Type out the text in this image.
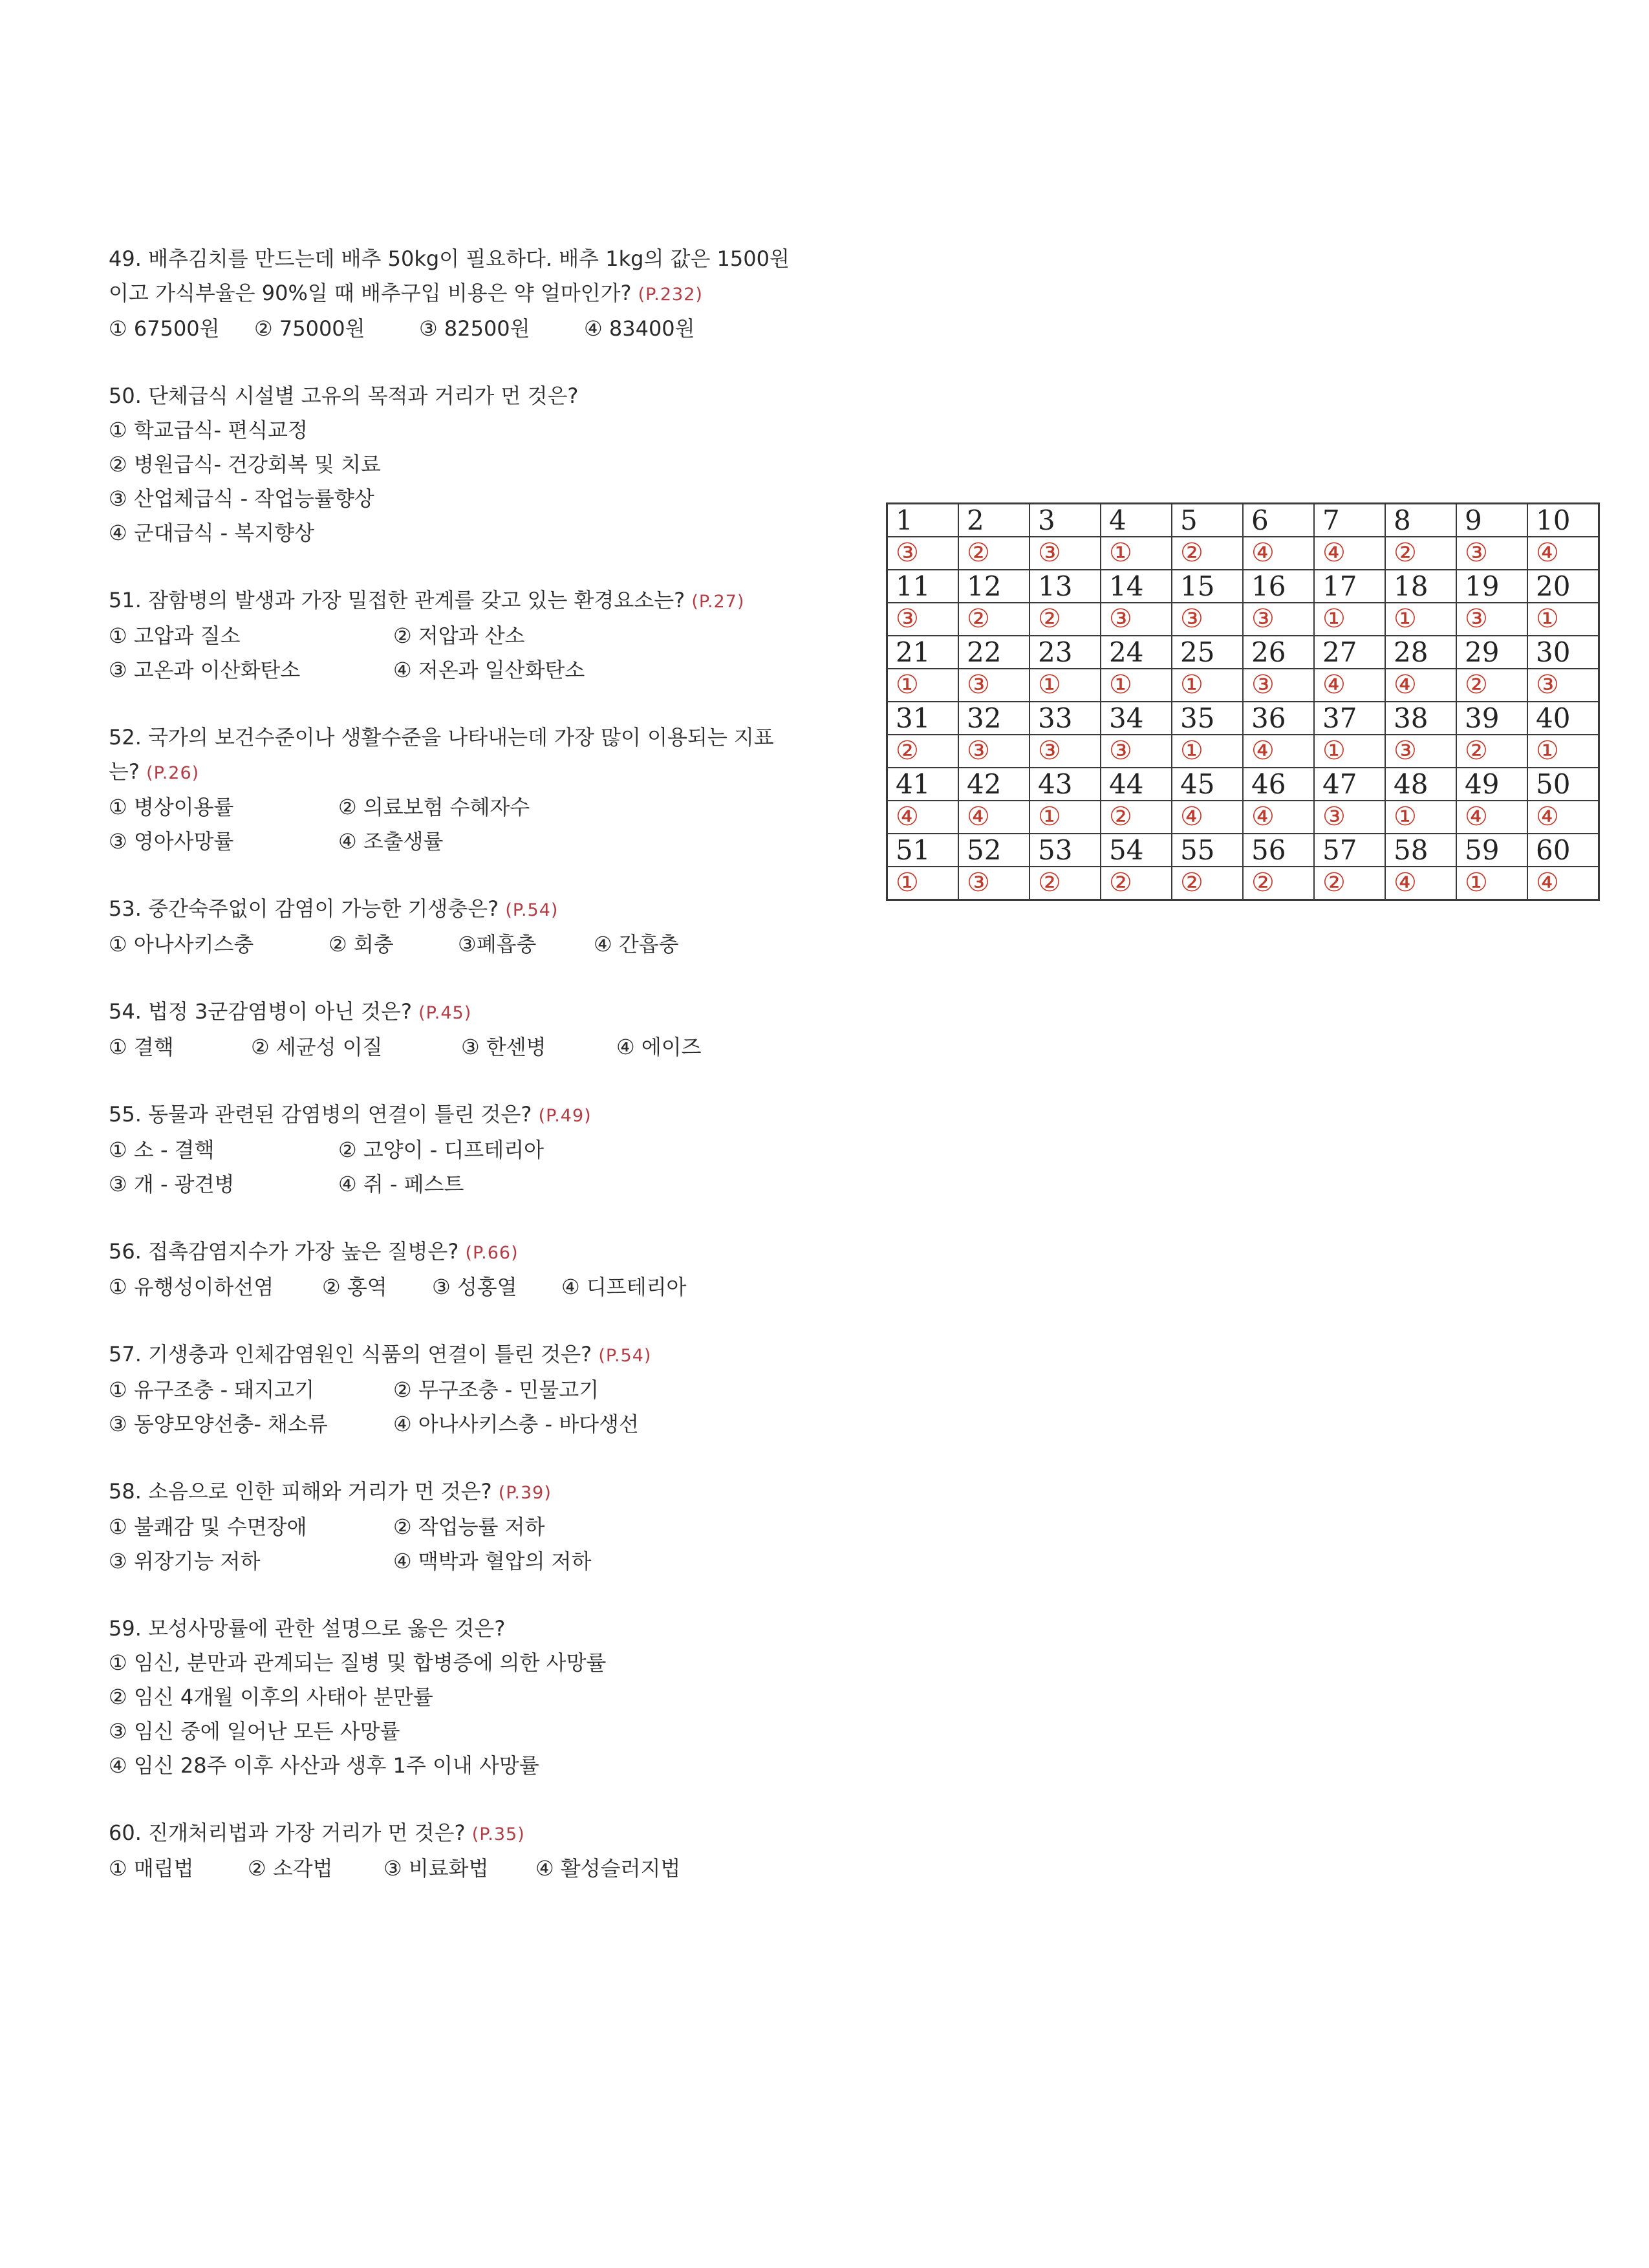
49. 배추김치를 만드는데 배추 50kg이 필요하다. 배추 1kg의 값은 1500원이고 가식부율은 90%일 때 배추구입 비용은 약 얼마인가? (P.232)
① 67500원	② 75000원	③ 82500원	④ 83400원
50. 단체급식 시설별 고유의 목적과 거리가 먼 것은?
① 학교급식- 편식교정
② 병원급식- 건강회복 및 치료
③ 산업체급식 - 작업능률향상
④ 군대급식 - 복지향상
51. 잠함병의 발생과 가장 밀접한 관계를 갖고 있는 환경요소는? (P.27)
① 고압과 질소	② 저압과 산소
③ 고온과 이산화탄소	④ 저온과 일산화탄소
52. 국가의 보건수준이나 생활수준을 나타내는데 가장 많이 이용되는 지표는? (P.26)
① 병상이용률	② 의료보험 수혜자수
③ 영아사망률	④ 조출생률
53. 중간숙주없이 감염이 가능한 기생충은? (P.54)
① 아나사키스충	② 회충	③폐흡충	④ 간흡충
54. 법정 3군감염병이 아닌 것은? (P.45)
① 결핵	② 세균성 이질	③ 한센병	④ 에이즈
55. 동물과 관련된 감염병의 연결이 틀린 것은? (P.49)
① 소 - 결핵	② 고양이 - 디프테리아
③ 개 - 광견병	④ 쥐 - 페스트
56. 접촉감염지수가 가장 높은 질병은? (P.66)
① 유행성이하선염	② 홍역	③ 성홍열	④ 디프테리아
57. 기생충과 인체감염원인 식품의 연결이 틀린 것은? (P.54)
① 유구조충 - 돼지고기	② 무구조충 - 민물고기
③ 동양모양선충- 채소류	④ 아나사키스충 - 바다생선
58. 소음으로 인한 피해와 거리가 먼 것은? (P.39)
① 불쾌감 및 수면장애	② 작업능률 저하
③ 위장기능 저하	④ 맥박과 혈압의 저하
59. 모성사망률에 관한 설명으로 옳은 것은?
① 임신, 분만과 관계되는 질병 및 합병증에 의한 사망률
② 임신 4개월 이후의 사태아 분만률
③ 임신 중에 일어난 모든 사망률
④ 임신 28주 이후 사산과 생후 1주 이내 사망률
60. 진개처리법과 가장 거리가 먼 것은? (P.35)
① 매립법	② 소각법	③ 비료화법	④ 활성슬러지법
1	2	3	4	5	6	7	8	9	10
③	②	③	①	②	④	④	②	③	④
11	12	13	14	15	16	17	18	19	20
③	②	②	③	③	③	①	①	③	①
21	22	23	24	25	26	27	28	29	30
①	③	①	①	①	③	④	④	②	③
31	32	33	34	35	36	37	38	39	40
②	③	③	③	①	④	①	③	②	①
41	42	43	44	45	46	47	48	49	50
④	④	①	②	④	④	③	①	④	④
51	52	53	54	55	56	57	58	59	60
①	③	②	②	②	②	②	④	①	④
